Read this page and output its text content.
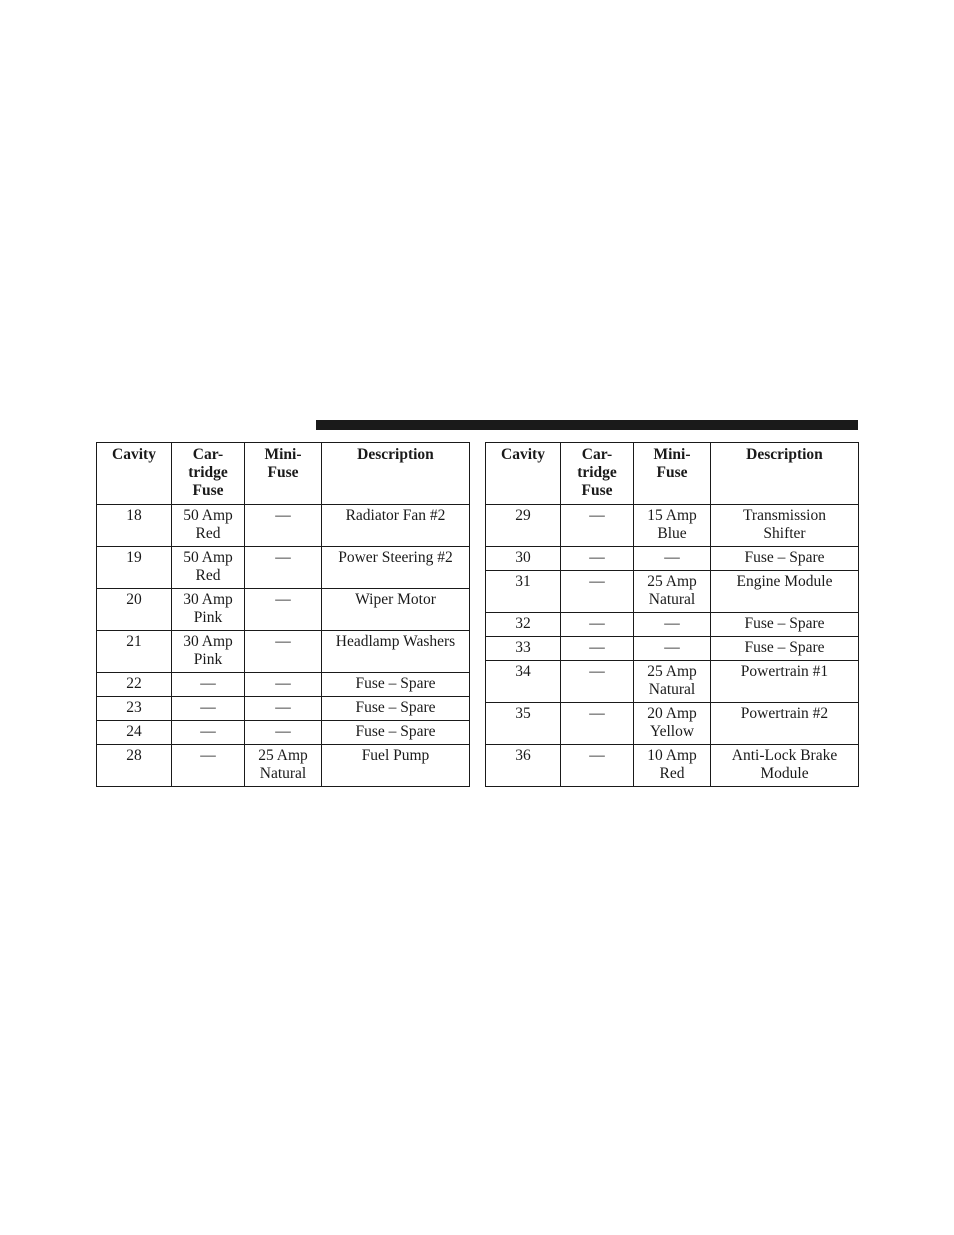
Cavity	Car-
tridge
Fuse	Mini-
Fuse	Description
18	50 Amp
Red	—	Radiator Fan #2
19	50 Amp
Red	—	Power Steering #2
20	30 Amp
Pink	—	Wiper Motor
21	30 Amp
Pink	—	Headlamp Washers
22	—	—	Fuse – Spare
23	—	—	Fuse – Spare
24	—	—	Fuse – Spare
28	—	25 Amp
Natural	Fuel Pump
Cavity	Car-
tridge
Fuse	Mini-
Fuse	Description
29	—	15 Amp
Blue	Transmission
Shifter
30	—	—	Fuse – Spare
31	—	25 Amp
Natural	Engine Module
32	—	—	Fuse – Spare
33	—	—	Fuse – Spare
34	—	25 Amp
Natural	Powertrain #1
35	—	20 Amp
Yellow	Powertrain #2
36	—	10 Amp
Red	Anti-Lock Brake
Module
